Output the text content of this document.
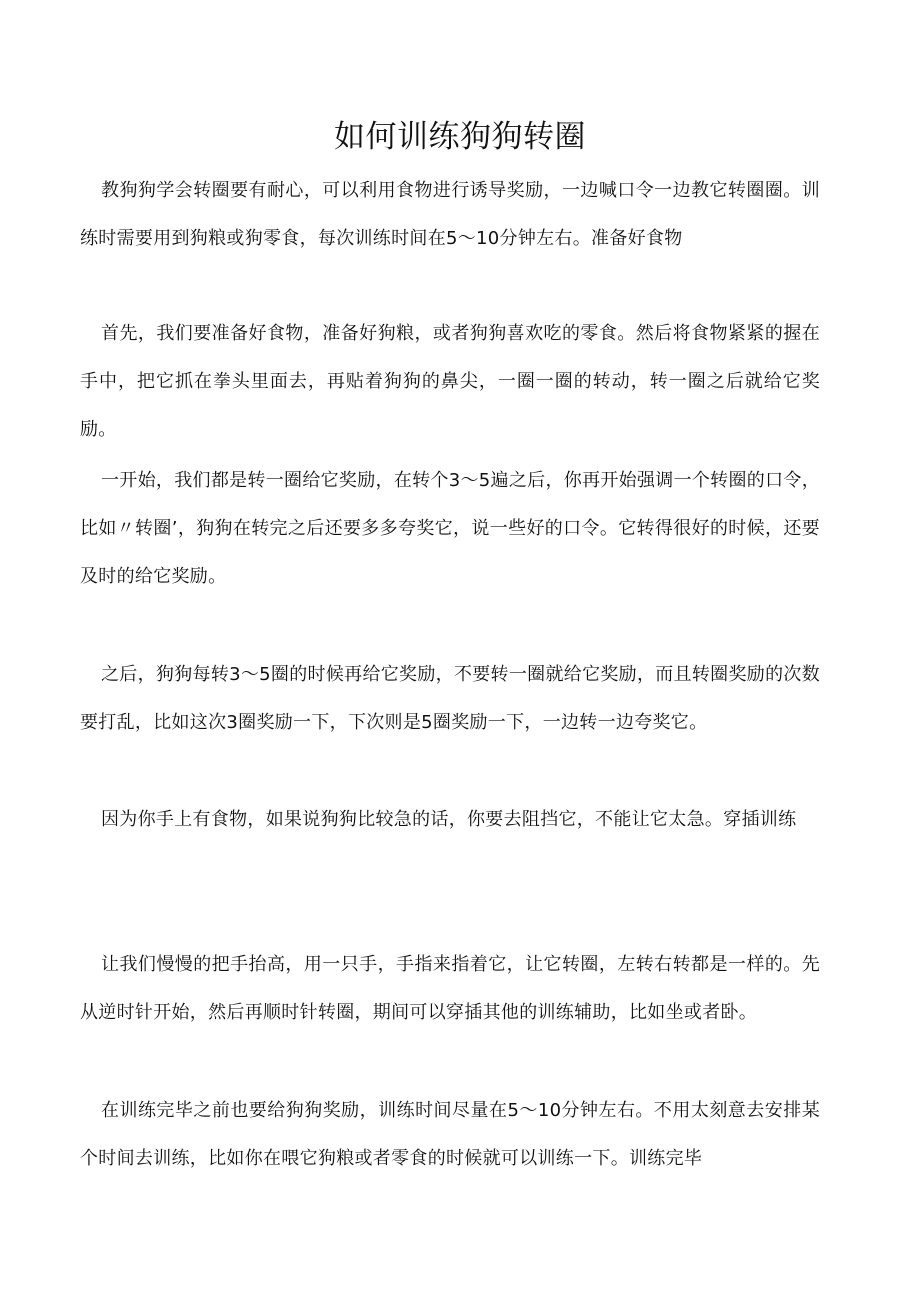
如何训练狗狗转圈

教狗狗学会转圈要有耐心，可以利用食物进行诱导奖励，一边喊口令一边教它转圈圈。训练时需要用到狗粮或狗零食，每次训练时间在5～10分钟左右。准备好食物

首先，我们要准备好食物，准备好狗粮，或者狗狗喜欢吃的零食。然后将食物紧紧的握在手中，把它抓在拳头里面去，再贴着狗狗的鼻尖，一圈一圈的转动，转一圈之后就给它奖励。

一开始，我们都是转一圈给它奖励，在转个3～5遍之后，你再开始强调一个转圈的口令，比如〃转圈’，狗狗在转完之后还要多多夸奖它，说一些好的口令。它转得很好的时候，还要及时的给它奖励。

之后，狗狗每转3～5圈的时候再给它奖励，不要转一圈就给它奖励，而且转圈奖励的次数要打乱，比如这次3圈奖励一下，下次则是5圈奖励一下，一边转一边夸奖它。

因为你手上有食物，如果说狗狗比较急的话，你要去阻挡它，不能让它太急。穿插训练

让我们慢慢的把手抬高，用一只手，手指来指着它，让它转圈，左转右转都是一样的。先从逆时针开始，然后再顺时针转圈，期间可以穿插其他的训练辅助，比如坐或者卧。

在训练完毕之前也要给狗狗奖励，训练时间尽量在5～10分钟左右。不用太刻意去安排某个时间去训练，比如你在喂它狗粮或者零食的时候就可以训练一下。训练完毕
